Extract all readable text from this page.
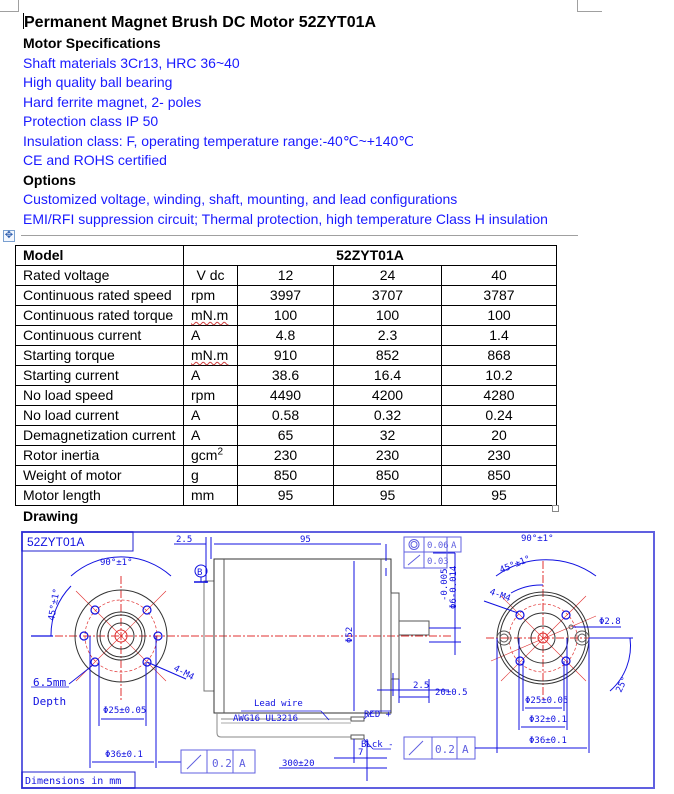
Permanent Magnet Brush DC Motor 52ZYT01A
Motor Specifications
Shaft materials 3Cr13, HRC 36~40
High quality ball bearing
Hard ferrite magnet, 2- poles
Protection class IP 50
Insulation class: F, operating temperature range:-40℃~+140℃
CE and ROHS certified
Options
Customized voltage, winding, shaft, mounting, and lead configurations
EMI/RFI suppression circuit; Thermal protection, high temperature Class H insulation
✥
Model	52ZYT01A			
Rated voltage	V dc	12	24	40
Continuous rated speed	rpm	3997	3707	3787
Continuous rated torque	mN.m	100	100	100
Continuous current	A	4.8	2.3	1.4
Starting torque	mN.m	910	852	868
Starting current	A	38.6	16.4	10.2
No load speed	rpm	4490	4200	4280
No load current	A	0.58	0.32	0.24
Demagnetization current	A	65	32	20
Rotor inertia	gcm$^2$	230	230	230
Weight of motor	g	850	850	850
Motor length	mm	95	95	95
Drawing
52ZYT01A
Dimensions in mm
90°±1°
45°±1°
4-M4
6.5mm
Depth
Φ25±0.05
Φ36±0.1
0.2 A
2.5	95
B
Φ52
Lead wire
AWG16 UL3216	RED +
BLck -
7
300±20
2.5
20±0.5
-0.005 Φ6-0.014
0.06 A
0.03
0.2 A
90°±1°
45°±1°
4-M4
Φ2.8
25°
Φ25±0.05
Φ32±0.1
Φ36±0.1
